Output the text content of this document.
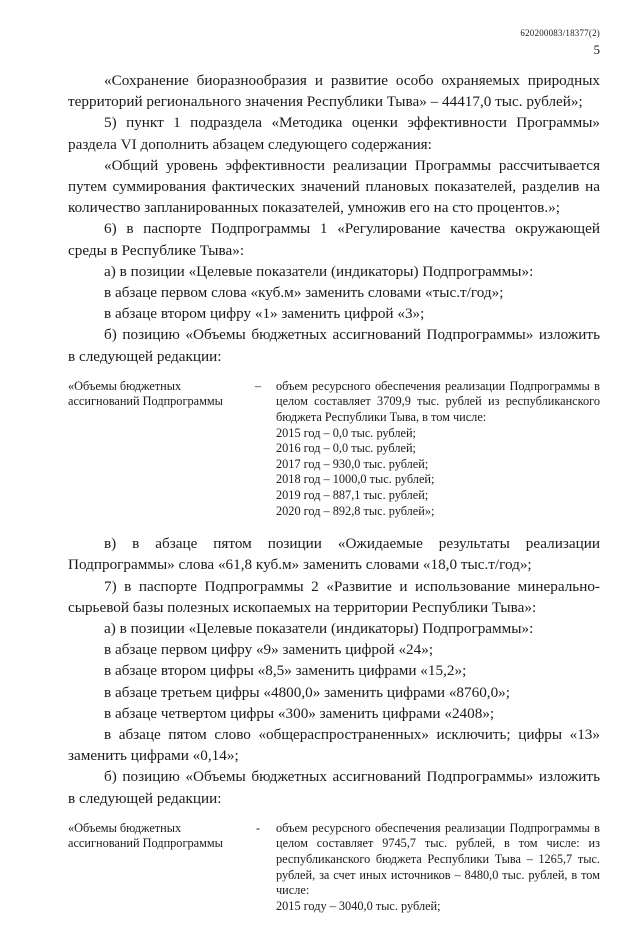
620200083/18377(2)
5

«Сохранение биоразнообразия и развитие особо охраняемых природных территорий регионального значения Республики Тыва» – 44417,0 тыс. рублей»;

5) пункт 1 подраздела «Методика оценки эффективности Программы» раздела VI дополнить абзацем следующего содержания:

«Общий уровень эффективности реализации Программы рассчитывается путем суммирования фактических значений плановых показателей, разделив на количество запланированных показателей, умножив его на сто процентов.»;

6) в паспорте Подпрограммы 1 «Регулирование качества окружающей среды в Республике Тыва»:

а) в позиции «Целевые показатели (индикаторы) Подпрограммы»:

в абзаце первом слова «куб.м» заменить словами «тыс.т/год»;

в абзаце втором цифру «1» заменить цифрой «3»;

б) позицию «Объемы бюджетных ассигнований Подпрограммы» изложить в следующей редакции:

«Объемы бюджетных ассигнований Подпрограммы
–	объем ресурсного обеспечения реализации Подпрограммы в целом составляет 3709,9 тыс. рублей из республиканского бюджета Республики Тыва, в том числе:
2015 год – 0,0 тыс. рублей;
2016 год – 0,0 тыс. рублей;
2017 год – 930,0 тыс. рублей;
2018 год – 1000,0 тыс. рублей;
2019 год – 887,1 тыс. рублей;
2020 год – 892,8 тыс. рублей»;

в) в абзаце пятом позиции «Ожидаемые результаты реализации Подпрограммы» слова «61,8 куб.м» заменить словами «18,0 тыс.т/год»;

7) в паспорте Подпрограммы 2 «Развитие и использование минерально-сырьевой базы полезных ископаемых на территории Республики Тыва»:

а) в позиции «Целевые показатели (индикаторы) Подпрограммы»:

в абзаце первом цифру «9» заменить цифрой «24»;

в абзаце втором цифры «8,5» заменить цифрами «15,2»;

в абзаце третьем цифры «4800,0» заменить цифрами «8760,0»;

в абзаце четвертом цифры «300» заменить цифрами «2408»;

в абзаце пятом слово «общераспространенных» исключить; цифры «13» заменить цифрами «0,14»;

б) позицию «Объемы бюджетных ассигнований Подпрограммы» изложить в следующей редакции:

«Объемы бюджетных ассигнований Подпрограммы
-	объем ресурсного обеспечения реализации Подпрограммы в целом составляет 9745,7 тыс. рублей, в том числе: из республиканского бюджета Республики Тыва – 1265,7 тыс. рублей, за счет иных источников – 8480,0 тыс. рублей, в том числе:
2015 году – 3040,0 тыс. рублей;
